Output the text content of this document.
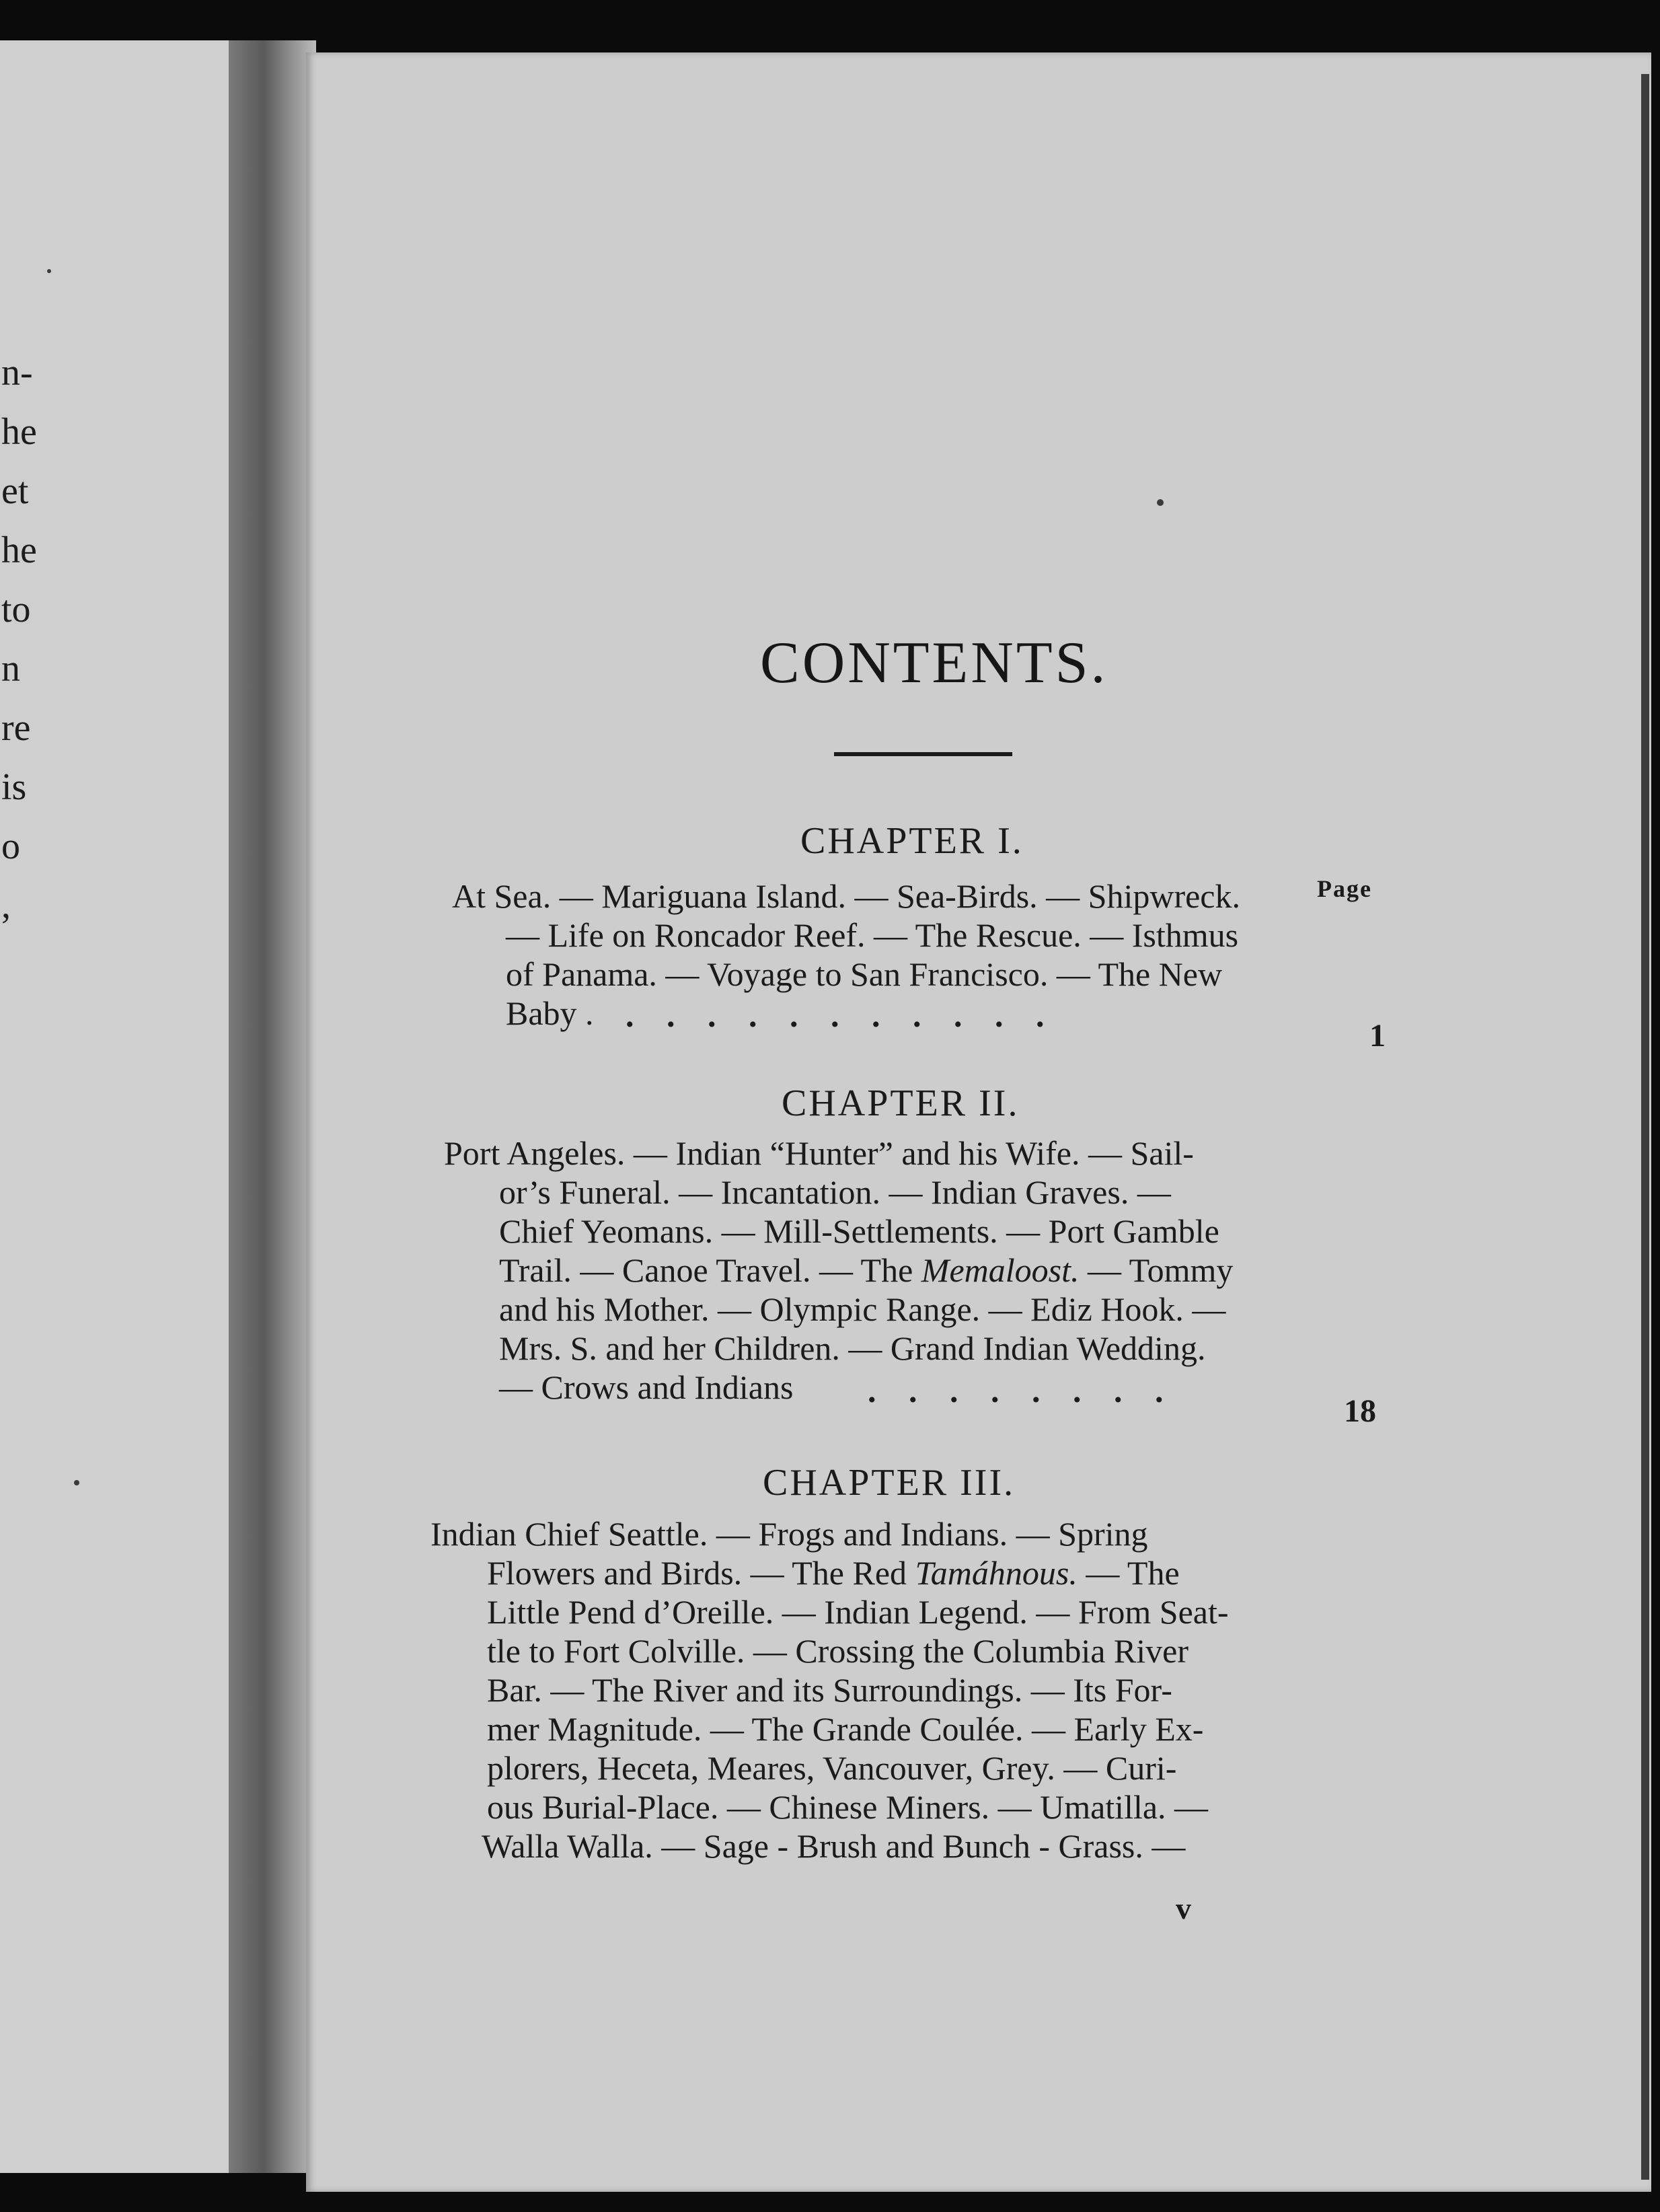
n-
he
et
he
to
n
re
is
o
,
CONTENTS.
CHAPTER I.
Page
At Sea. — Mariguana Island. — Sea-Birds. — Shipwreck.
— Life on Roncador Reef. — The Rescue. — Isthmus
of Panama. — Voyage to San Francisco. — The New
Baby . . . . . . . . . . . .
1
CHAPTER II.
Port Angeles. — Indian “Hunter” and his Wife. — Sail-
or’s Funeral. — Incantation. — Indian Graves. —
Chief Yeomans. — Mill-Settlements. — Port Gamble
Trail. — Canoe Travel. — The Memaloost. — Tommy
and his Mother. — Olympic Range. — Ediz Hook. —
Mrs. S. and her Children. — Grand Indian Wedding.
— Crows and Indians . . . . . . . .
18
CHAPTER III.
Indian Chief Seattle. — Frogs and Indians. — Spring
Flowers and Birds. — The Red Tamáhnous. — The
Little Pend d’Oreille. — Indian Legend. — From Seat-
tle to Fort Colville. — Crossing the Columbia River
Bar. — The River and its Surroundings. — Its For-
mer Magnitude. — The Grande Coulée. — Early Ex-
plorers, Heceta, Meares, Vancouver, Grey. — Curi-
ous Burial-Place. — Chinese Miners. — Umatilla. —
Walla Walla. — Sage - Brush and Bunch - Grass. —
v
